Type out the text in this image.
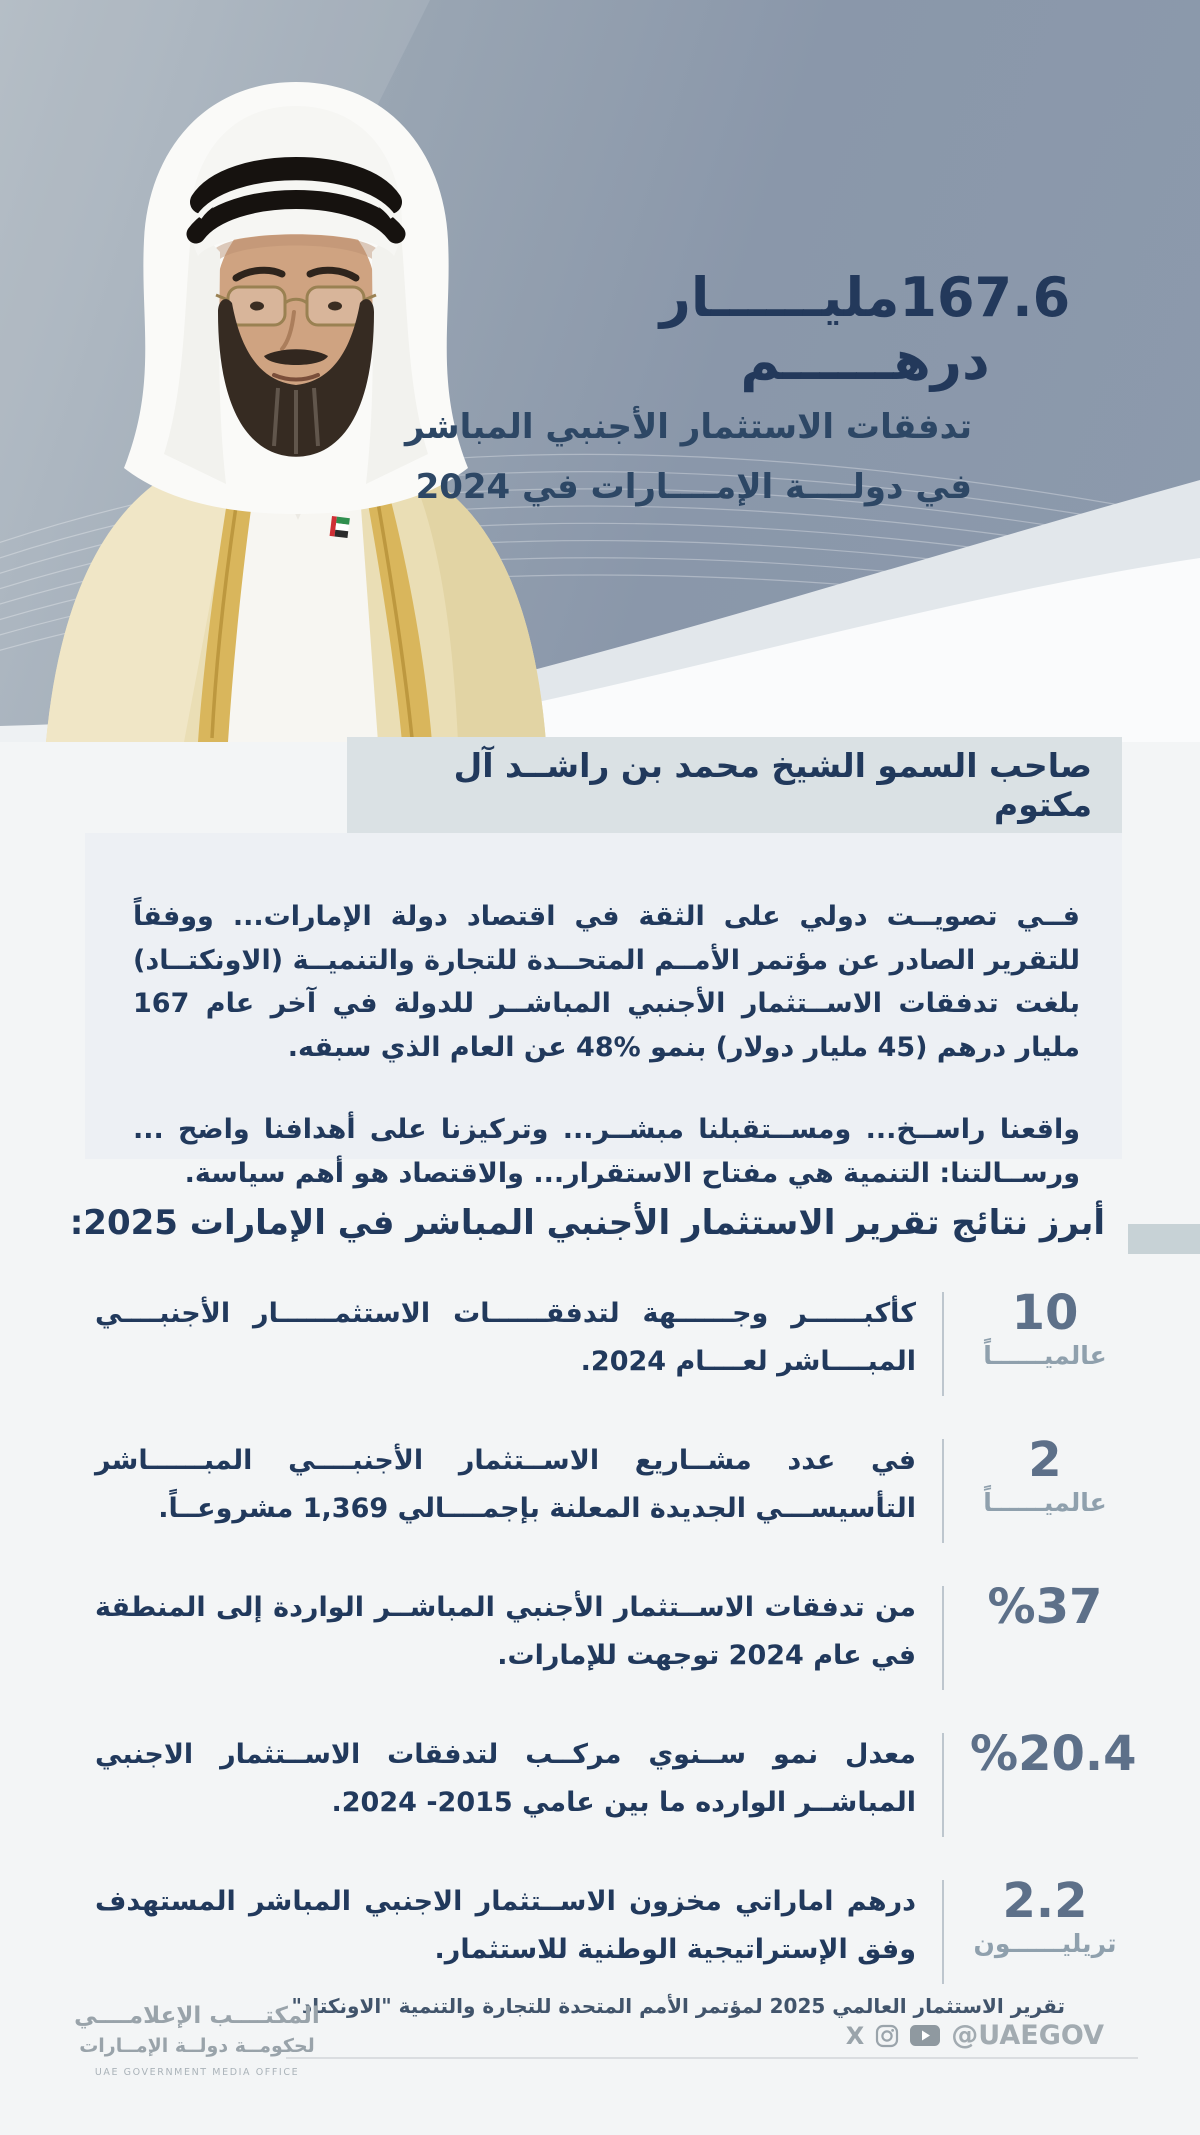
167.6مليــــــار درهــــــم
تدفقات الاستثمار الأجنبي المباشر
في دولــــة الإمــــارات في 2024
صاحب السمو الشيخ محمد بن راشــد آل مكتوم

فــي تصويــت دولي على الثقة في اقتصاد دولة الإمارات... ووفقاً للتقرير الصادر عن مؤتمر الأمــم المتحــدة للتجارة والتنميــة (الاونكتــاد) بلغت تدفقات الاســتثمار الأجنبي المباشــر للدولة في آخر عام 167 مليار درهم (45 مليار دولار) بنمو %48 عن العام الذي سبقه.

واقعنا راســخ... ومســتقبلنا مبشــر... وتركيزنا على أهدافنا واضح ... ورســالتنا: التنمية هي مفتاح الاستقرار... والاقتصاد هو أهم سياسة.

أبرز نتائج تقرير الاستثمار الأجنبي المباشر في الإمارات 2025:
10
عالميــــــاً
كأكبــــــر وجــــــهة لتدفقــــــات الاستثمــــــار الأجنبــــي المبــــاشر لعــــام 2024.
2
عالميــــــاً
في عدد مشــاريع الاســتثمار الأجنبــــي المبــــــاشر التأسيســـي الجديدة المعلنة بإجمــــالي 1,369 مشروعــاً.
%37
من تدفقات الاســتثمار الأجنبي المباشــر الواردة إلى المنطقة في عام 2024 توجهت للإمارات.
%20.4
معدل نمو ســنوي مركــب لتدفقات الاســتثمار الاجنبي المباشــر الوارده ما بين عامي 2015- 2024.
2.2
تريليــــــون
درهم اماراتي مخزون الاســتثمار الاجنبي المباشر المستهدف وفق الإستراتيجية الوطنية للاستثمار.
تقرير الاستثمار العالمي 2025 لمؤتمر الأمم المتحدة للتجارة والتنمية "الاونكتاد"
المكتــــب الإعلامــــي
لحكومــة دولــة الإمــارات
UAE GOVERNMENT MEDIA OFFICE
X	@UAEGOV
